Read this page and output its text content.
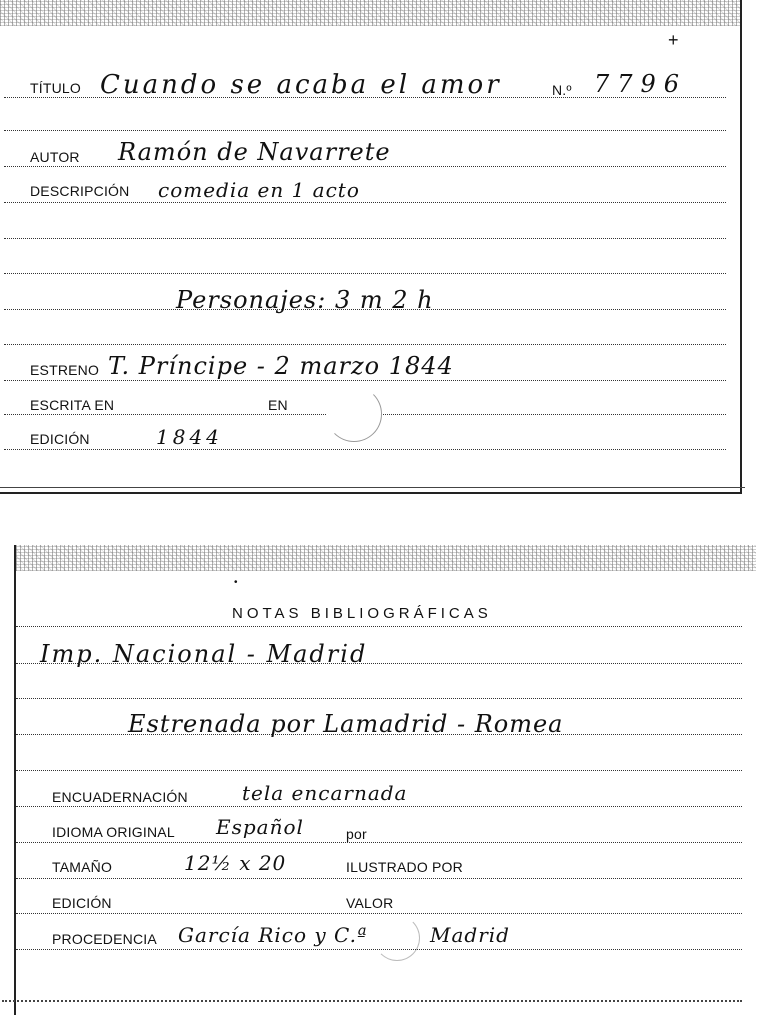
+
TÍTULO Cuando se acaba el amor	N.º 7796
AUTOR Ramón de Navarrete
DESCRIPCIÓN comedia en 1 acto
Personajes: 3 m 2 h
ESTRENO T. Príncipe - 2 marzo 1844
ESCRITA EN	EN
EDICIÓN	1844
•
NOTAS BIBLIOGRÁFICAS
Imp. Nacional - Madrid
Estrenada por Lamadrid - Romea
ENCUADERNACIÓN	tela encarnada
IDIOMA ORIGINAL Español	por
TAMAÑO	12½ x 20	ILUSTRADO POR
EDICIÓN	VALOR
PROCEDENCIA García Rico y C.ª	Madrid
